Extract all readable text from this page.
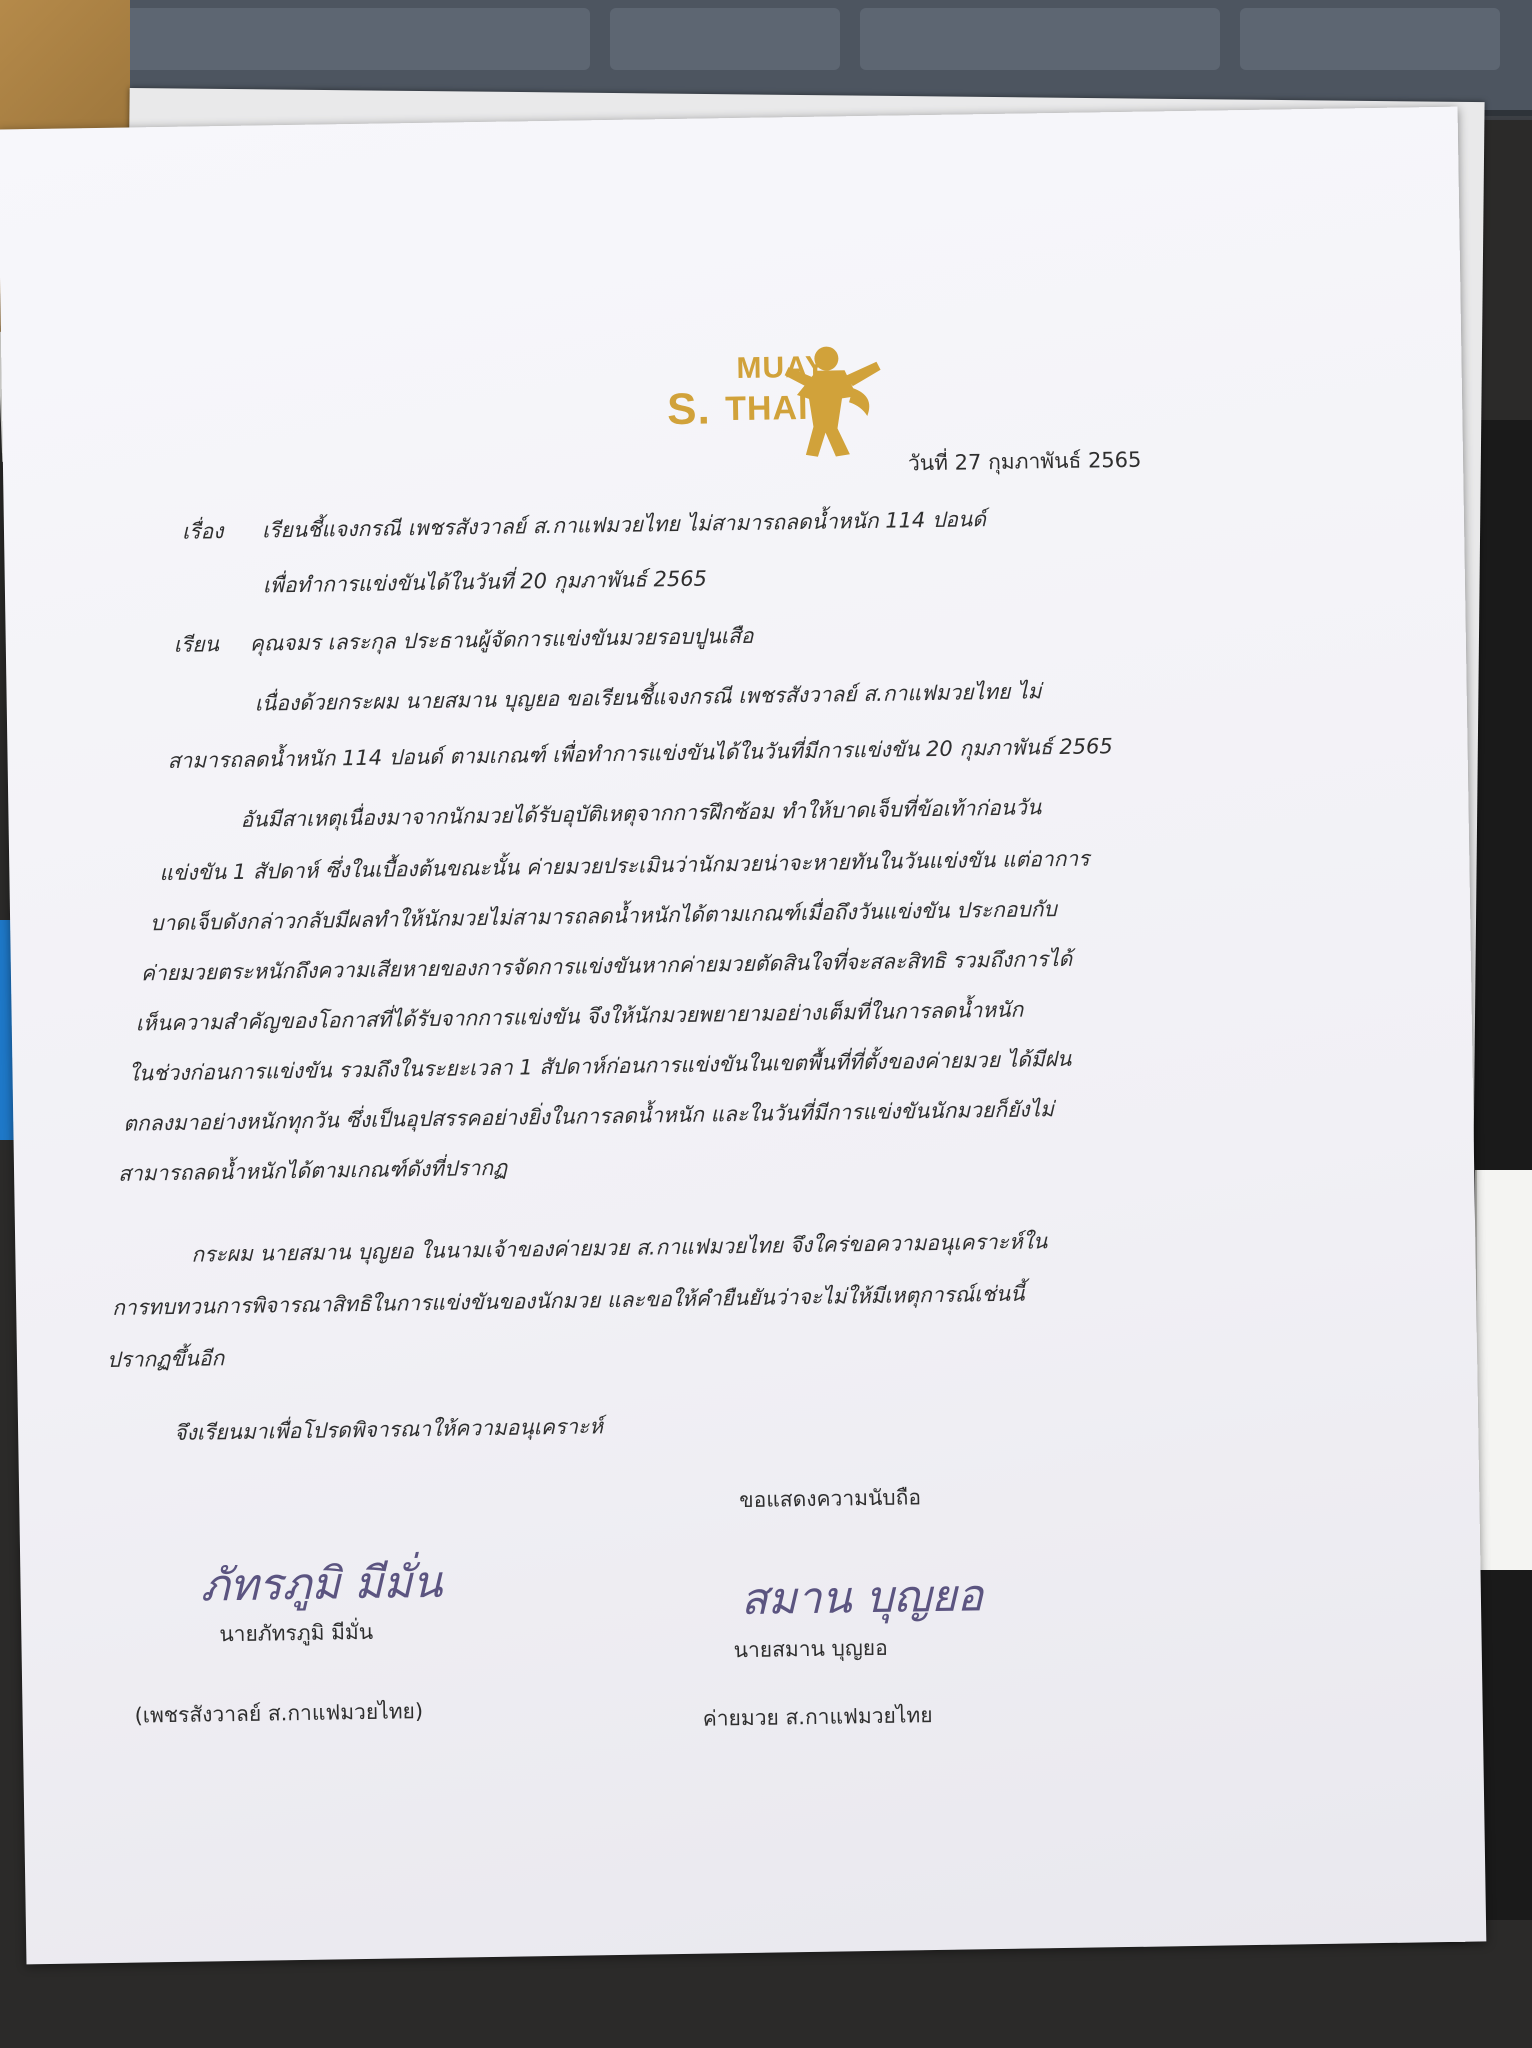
MUAY
S. THAI
วันที่ 27 กุมภาพันธ์ 2565
เรื่อง เรียนชี้แจงกรณี เพชรสังวาลย์ ส.กาแฟมวยไทย ไม่สามารถลดน้ำหนัก 114 ปอนด์
เพื่อทำการแข่งขันได้ในวันที่ 20 กุมภาพันธ์ 2565
เรียน คุณจมร เลระกุล ประธานผู้จัดการแข่งขันมวยรอบปูนเสือ
เนื่องด้วยกระผม นายสมาน บุญยอ ขอเรียนชี้แจงกรณี เพชรสังวาลย์ ส.กาแฟมวยไทย ไม่
สามารถลดน้ำหนัก 114 ปอนด์ ตามเกณฑ์ เพื่อทำการแข่งขันได้ในวันที่มีการแข่งขัน 20 กุมภาพันธ์ 2565
อันมีสาเหตุเนื่องมาจากนักมวยได้รับอุบัติเหตุจากการฝึกซ้อม ทำให้บาดเจ็บที่ข้อเท้าก่อนวัน
แข่งขัน 1 สัปดาห์ ซึ่งในเบื้องต้นขณะนั้น ค่ายมวยประเมินว่านักมวยน่าจะหายทันในวันแข่งขัน แต่อาการ
บาดเจ็บดังกล่าวกลับมีผลทำให้นักมวยไม่สามารถลดน้ำหนักได้ตามเกณฑ์เมื่อถึงวันแข่งขัน ประกอบกับ
ค่ายมวยตระหนักถึงความเสียหายของการจัดการแข่งขันหากค่ายมวยตัดสินใจที่จะสละสิทธิ รวมถึงการได้
เห็นความสำคัญของโอกาสที่ได้รับจากการแข่งขัน จึงให้นักมวยพยายามอย่างเต็มที่ในการลดน้ำหนัก
ในช่วงก่อนการแข่งขัน รวมถึงในระยะเวลา 1 สัปดาห์ก่อนการแข่งขันในเขตพื้นที่ที่ตั้งของค่ายมวย ได้มีฝน
ตกลงมาอย่างหนักทุกวัน ซึ่งเป็นอุปสรรคอย่างยิ่งในการลดน้ำหนัก และในวันที่มีการแข่งขันนักมวยก็ยังไม่
สามารถลดน้ำหนักได้ตามเกณฑ์ดังที่ปรากฏ
กระผม นายสมาน บุญยอ ในนามเจ้าของค่ายมวย ส.กาแฟมวยไทย จึงใคร่ขอความอนุเคราะห์ใน
การทบทวนการพิจารณาสิทธิในการแข่งขันของนักมวย และขอให้คำยืนยันว่าจะไม่ให้มีเหตุการณ์เช่นนี้
ปรากฏขึ้นอีก
จึงเรียนมาเพื่อโปรดพิจารณาให้ความอนุเคราะห์
ขอแสดงความนับถือ
ภัทรภูมิ มีมั่น
นายภัทรภูมิ มีมั่น
(เพชรสังวาลย์ ส.กาแฟมวยไทย)
สมาน บุญยอ
นายสมาน บุญยอ
ค่ายมวย ส.กาแฟมวยไทย
